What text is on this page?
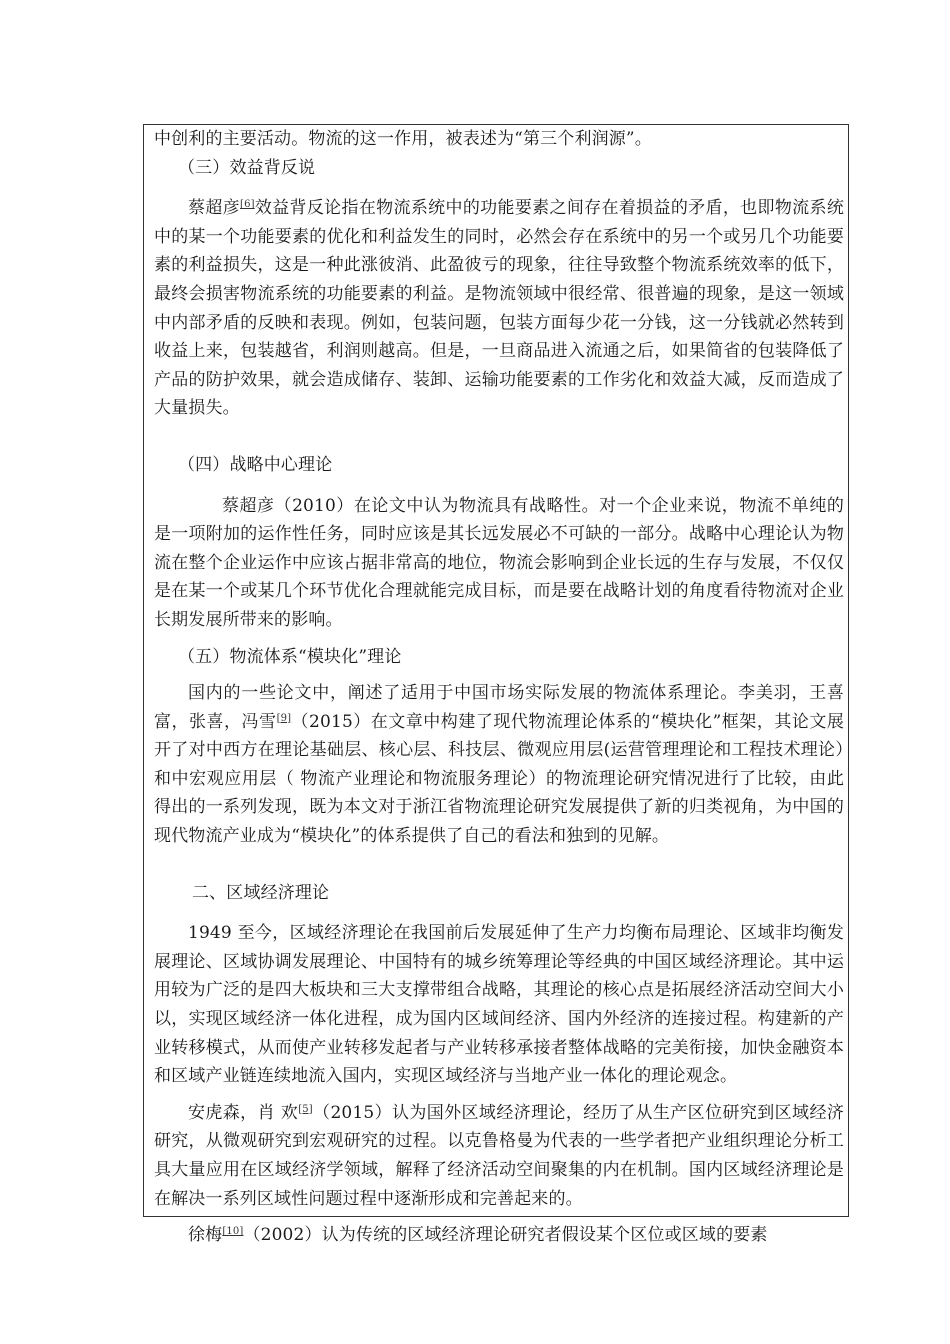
中创利的主要活动。物流的这一作用，被表述为“第三个利润源”。

（三）效益背反说

蔡超彦[6]效益背反论指在物流系统中的功能要素之间存在着损益的矛盾，也即物流系统中的某一个功能要素的优化和利益发生的同时，必然会存在系统中的另一个或另几个功能要素的利益损失，这是一种此涨彼消、此盈彼亏的现象，往往导致整个物流系统效率的低下，最终会损害物流系统的功能要素的利益。是物流领域中很经常、很普遍的现象，是这一领域中内部矛盾的反映和表现。例如，包装问题，包装方面每少花一分钱，这一分钱就必然转到收益上来，包装越省，利润则越高。但是，一旦商品进入流通之后，如果简省的包装降低了产品的防护效果，就会造成储存、装卸、运输功能要素的工作劣化和效益大减，反而造成了大量损失。

（四）战略中心理论

蔡超彦（2010）在论文中认为物流具有战略性。对一个企业来说，物流不单纯的是一项附加的运作性任务，同时应该是其长远发展必不可缺的一部分。战略中心理论认为物流在整个企业运作中应该占据非常高的地位，物流会影响到企业长远的生存与发展，不仅仅是在某一个或某几个环节优化合理就能完成目标，而是要在战略计划的角度看待物流对企业长期发展所带来的影响。

（五）物流体系“模块化”理论

国内的一些论文中，阐述了适用于中国市场实际发展的物流体系理论。李美羽，王喜富，张喜，冯雪[9]（2015）在文章中构建了现代物流理论体系的“模块化”框架，其论文展开了对中西方在理论基础层、核心层、科技层、微观应用层(运营管理理论和工程技术理论）和中宏观应用层（ 物流产业理论和物流服务理论）的物流理论研究情况进行了比较，由此得出的一系列发现，既为本文对于浙江省物流理论研究发展提供了新的归类视角，为中国的现代物流产业成为“模块化”的体系提供了自己的看法和独到的见解。

二、区域经济理论

1949 至今，区域经济理论在我国前后发展延伸了生产力均衡布局理论、区域非均衡发展理论、区域协调发展理论、中国特有的城乡统筹理论等经典的中国区域经济理论。其中运用较为广泛的是四大板块和三大支撑带组合战略，其理论的核心点是拓展经济活动空间大小以，实现区域经济一体化进程，成为国内区域间经济、国内外经济的连接过程。构建新的产业转移模式，从而使产业转移发起者与产业转移承接者整体战略的完美衔接，加快金融资本和区域产业链连续地流入国内，实现区域经济与当地产业一体化的理论观念。

安虎森，肖 欢[5]（2015）认为国外区域经济理论，经历了从生产区位研究到区域经济研究，从微观研究到宏观研究的过程。以克鲁格曼为代表的一些学者把产业组织理论分析工具大量应用在区域经济学领域，解释了经济活动空间聚集的内在机制。国内区域经济理论是在解决一系列区域性问题过程中逐渐形成和完善起来的。

徐梅[10]（2002）认为传统的区域经济理论研究者假设某个区位或区域的要素
